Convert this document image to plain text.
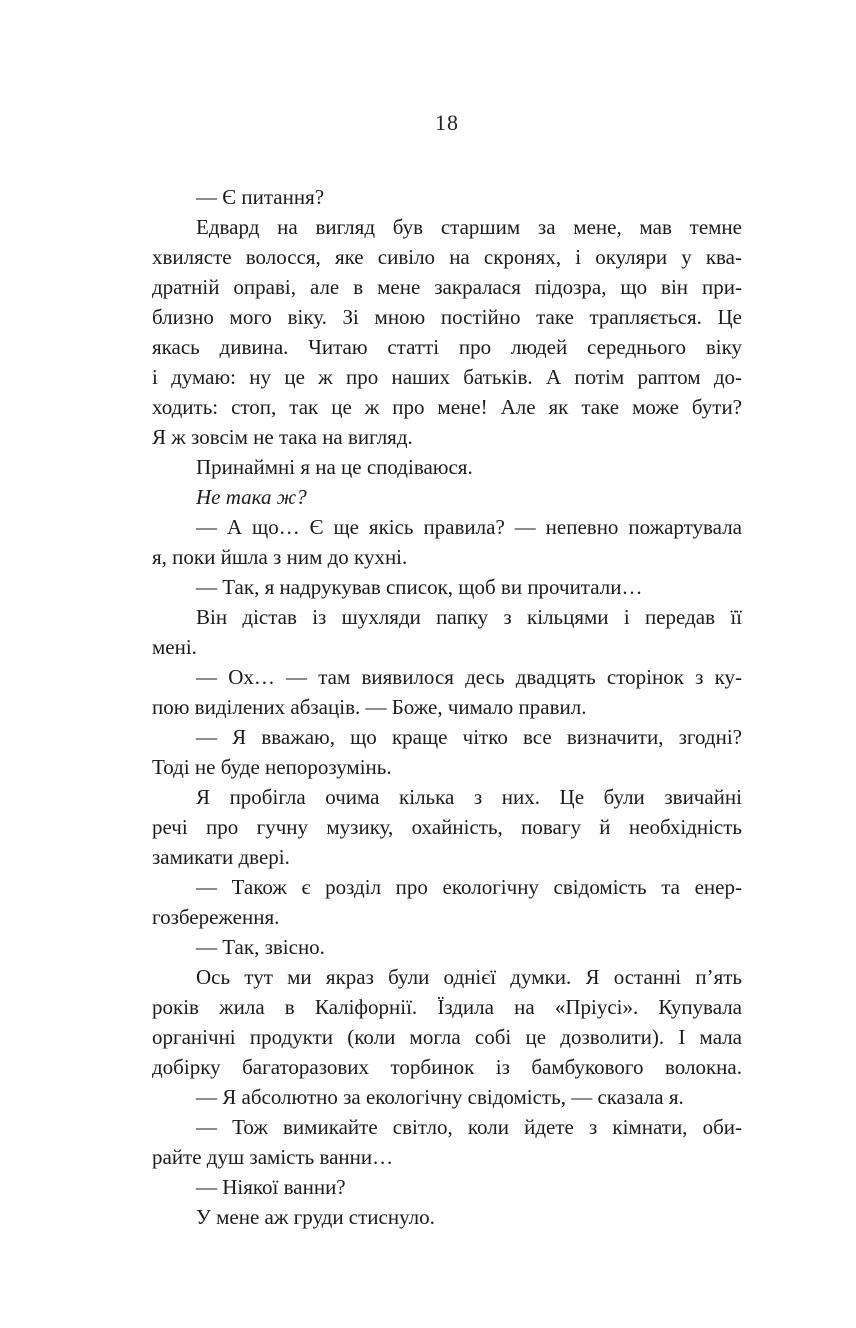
18
— Є питання?
Едвард на вигляд був старшим за мене, мав темне
хвилясте волосся, яке сивіло на скронях, і окуляри у ква-
дратній оправі, але в мене закралася підозра, що він при-
близно мого віку. Зі мною постійно таке трапляється. Це
якась дивина. Читаю статті про людей середнього віку
і думаю: ну це ж про наших батьків. А потім раптом до-
ходить: стоп, так це ж про мене! Але як таке може бути?
Я ж зовсім не така на вигляд.
Принаймні я на це сподіваюся.
Не така ж?
— А що… Є ще якісь правила? — непевно пожартувала
я, поки йшла з ним до кухні.
— Так, я надрукував список, щоб ви прочитали…
Він дістав із шухляди папку з кільцями і передав її
мені.
— Ох… — там виявилося десь двадцять сторінок з ку-
пою виділених абзаців. — Боже, чимало правил.
— Я вважаю, що краще чітко все визначити, згодні?
Тоді не буде непорозумінь.
Я пробігла очима кілька з них. Це були звичайні
речі про гучну музику, охайність, повагу й необхідність
замикати двері.
— Також є розділ про екологічну свідомість та енер-
гозбереження.
— Так, звісно.
Ось тут ми якраз були однієї думки. Я останні п’ять
років жила в Каліфорнії. Їздила на «Пріусі». Купувала
органічні продукти (коли могла собі це дозволити). І мала
добірку багаторазових торбинок із бамбукового волокна.
— Я абсолютно за екологічну свідомість, — сказала я.
— Тож вимикайте світло, коли йдете з кімнати, оби-
райте душ замість ванни…
— Ніякої ванни?
У мене аж груди стиснуло.
